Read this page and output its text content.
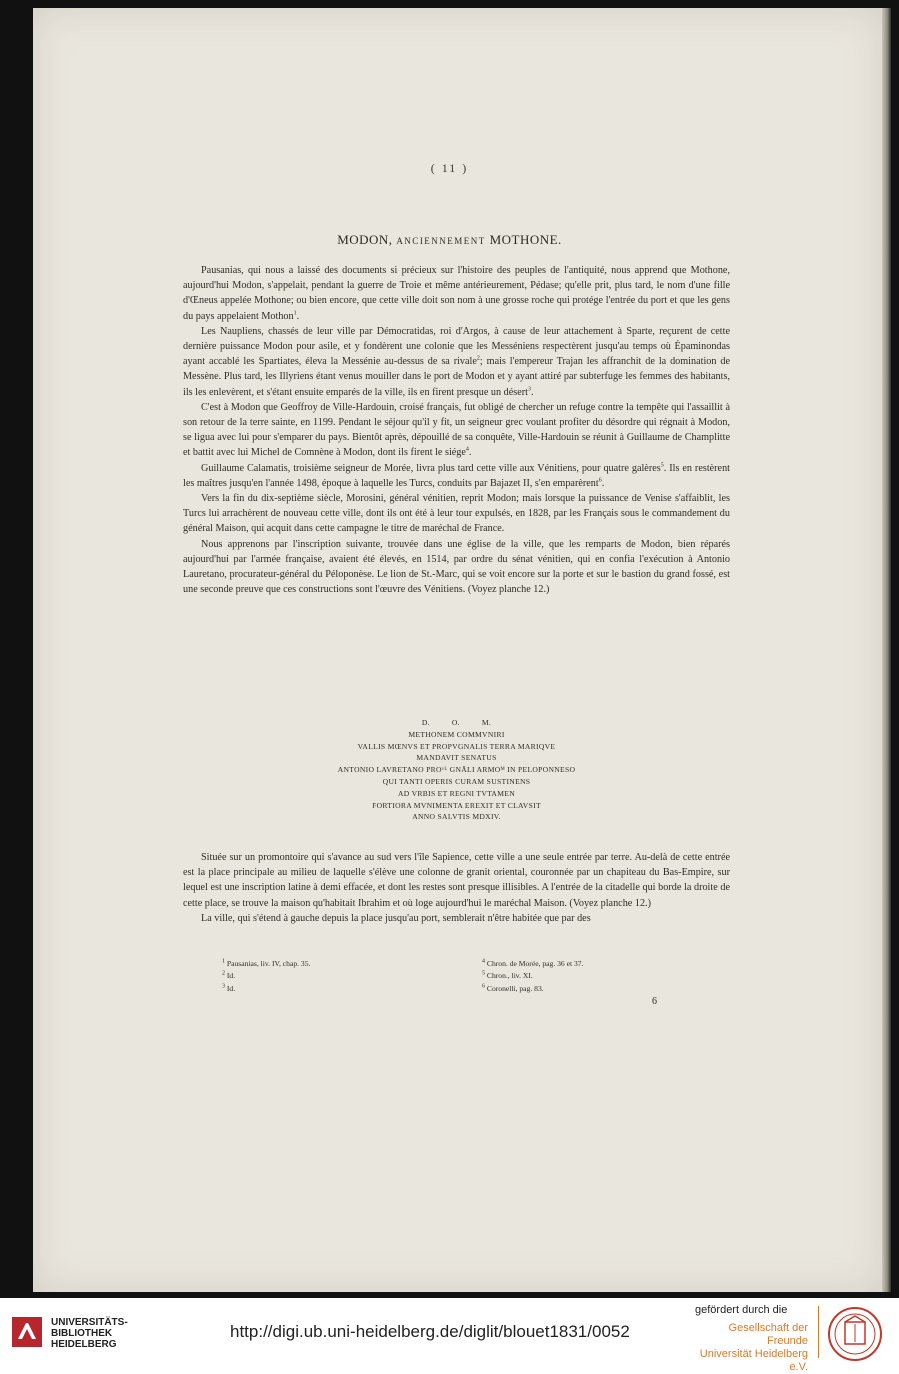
( 11 )
MODON, ANCIENNEMENT MOTHONE.

Pausanias, qui nous a laissé des documents si précieux sur l'histoire des peuples de l'antiquité, nous apprend que Mothone, aujourd'hui Modon, s'appelait, pendant la guerre de Troie et même antérieurement, Pédase; qu'elle prit, plus tard, le nom d'une fille d'Œneus appelée Mothone; ou bien encore, que cette ville doit son nom à une grosse roche qui protége l'entrée du port et que les gens du pays appelaient Mothon$^1$.

Les Naupliens, chassés de leur ville par Démocratidas, roi d'Argos, à cause de leur attachement à Sparte, reçurent de cette dernière puissance Modon pour asile, et y fondèrent une colonie que les Messéniens respectèrent jusqu'au temps où Épaminondas ayant accablé les Spartiates, éleva la Messénie au-dessus de sa rivale$^2$; mais l'empereur Trajan les affranchit de la domination de Messène. Plus tard, les Illyriens étant venus mouiller dans le port de Modon et y ayant attiré par subterfuge les femmes des habitants, ils les enlevèrent, et s'étant ensuite emparés de la ville, ils en firent presque un désert$^3$.

C'est à Modon que Geoffroy de Ville-Hardouin, croisé français, fut obligé de chercher un refuge contre la tempête qui l'assaillit à son retour de la terre sainte, en 1199. Pendant le séjour qu'il y fit, un seigneur grec voulant profiter du désordre qui régnait à Modon, se ligua avec lui pour s'emparer du pays. Bientôt après, dépouillé de sa conquête, Ville-Hardouin se réunit à Guillaume de Champlitte et battit avec lui Michel de Comnène à Modon, dont ils firent le siége$^4$.

Guillaume Calamatis, troisième seigneur de Morée, livra plus tard cette ville aux Vénitiens, pour quatre galères$^5$. Ils en restèrent les maîtres jusqu'en l'année 1498, époque à laquelle les Turcs, conduits par Bajazet II, s'en emparèrent$^6$.

Vers la fin du dix-septième siècle, Morosini, général vénitien, reprit Modon; mais lorsque la puissance de Venise s'affaiblit, les Turcs lui arrachèrent de nouveau cette ville, dont ils ont été à leur tour expulsés, en 1828, par les Français sous le commandement du général Maison, qui acquit dans cette campagne le titre de maréchal de France.

Nous apprenons par l'inscription suivante, trouvée dans une église de la ville, que les remparts de Modon, bien réparés aujourd'hui par l'armée française, avaient été élevés, en 1514, par ordre du sénat vénitien, qui en confia l'exécution à Antonio Lauretano, procurateur-général du Péloponèse. Le lion de St.-Marc, qui se voit encore sur la porte et sur le bastion du grand fossé, est une seconde preuve que ces constructions sont l'œuvre des Vénitiens. (Voyez planche 12.)

D.          O.          M.
METHONEM COMMVNIRI
VALLIS MŒNVS ET PROPVGNALIS TERRA MARIQVE
MANDAVIT SENATUS
ANTONIO LAVRETANO PROᵛᴸ GNĀLI ARMOᴹ IN PELOPONNESO
QUI TANTI OPERIS CURAM SUSTINENS
AD VRBIS ET REGNI TVTAMEN
FORTIORA MVNIMENTA EREXIT ET CLAVSIT
ANNO SALVTIS MDXIV.

Située sur un promontoire qui s'avance au sud vers l'île Sapience, cette ville a une seule entrée par terre. Au-delà de cette entrée est la place principale au milieu de laquelle s'élève une colonne de granit oriental, couronnée par un chapiteau du Bas-Empire, sur lequel est une inscription latine à demi effacée, et dont les restes sont presque illisibles. A l'entrée de la citadelle qui borde la droite de cette place, se trouve la maison qu'habitait Ibrahim et où loge aujourd'hui le maréchal Maison. (Voyez planche 12.)

La ville, qui s'étend à gauche depuis la place jusqu'au port, semblerait n'être habitée que par des

$^1$ Pausanias, liv. IV, chap. 35.
$^2$ Id.
$^3$ Id.
$^4$ Chron. de Morée, pag. 36 et 37.
$^5$ Chron., liv. XI.
$^6$ Coronelli, pag. 83.
6
UNIVERSITÄTS-
BIBLIOTHEK
HEIDELBERG
http://digi.ub.uni-heidelberg.de/diglit/blouet1831/0052
gefördert durch die
Gesellschaft der Freunde
Universität Heidelberg e.V.
